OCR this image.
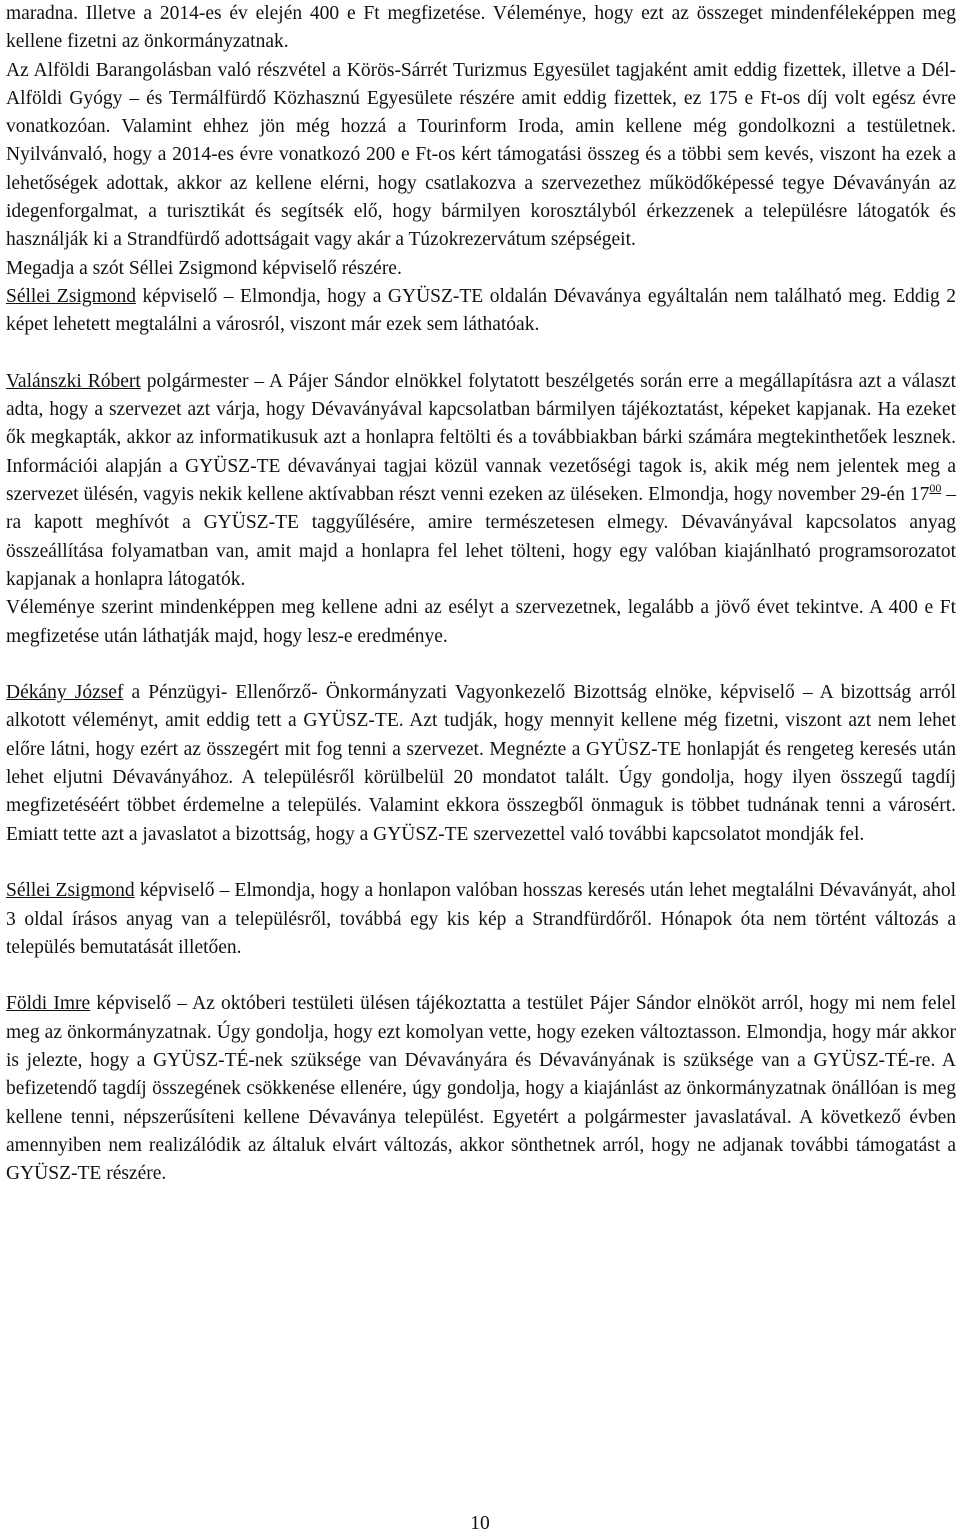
maradna. Illetve a 2014-es év elején 400 e Ft megfizetése. Véleménye, hogy ezt az összeget mindenféleképpen meg kellene fizetni az önkormányzatnak.

Az Alföldi Barangolásban való részvétel a Körös-Sárrét Turizmus Egyesület tagjaként amit eddig fizettek, illetve a Dél-Alföldi Gyógy – és Termálfürdő Közhasznú Egyesülete részére amit eddig fizettek, ez 175 e Ft-os díj volt egész évre vonatkozóan. Valamint ehhez jön még hozzá a Tourinform Iroda, amin kellene még gondolkozni a testületnek. Nyilvánvaló, hogy a 2014-es évre vonatkozó 200 e Ft-os kért támogatási összeg és a többi sem kevés, viszont ha ezek a lehetőségek adottak, akkor az kellene elérni, hogy csatlakozva a szervezethez működőképessé tegye Dévaványán az idegenforgalmat, a turisztikát és segítsék elő, hogy bármilyen korosztályból érkezzenek a településre látogatók és használják ki a Strandfürdő adottságait vagy akár a Túzokrezervátum szépségeit.

Megadja a szót Séllei Zsigmond képviselő részére.

Séllei Zsigmond képviselő – Elmondja, hogy a GYÜSZ-TE oldalán Dévaványa egyáltalán nem található meg. Eddig 2 képet lehetett megtalálni a városról, viszont már ezek sem láthatóak.

Valánszki Róbert polgármester – A Pájer Sándor elnökkel folytatott beszélgetés során erre a megállapításra azt a választ adta, hogy a szervezet azt várja, hogy Dévaványával kapcsolatban bármilyen tájékoztatást, képeket kapjanak. Ha ezeket ők megkapták, akkor az informatikusuk azt a honlapra feltölti és a továbbiakban bárki számára megtekinthetőek lesznek. Információi alapján a GYÜSZ-TE dévaványai tagjai közül vannak vezetőségi tagok is, akik még nem jelentek meg a szervezet ülésén, vagyis nekik kellene aktívabban részt venni ezeken az üléseken. Elmondja, hogy november 29-én $17^{00}$ –ra kapott meghívót a GYÜSZ-TE taggyűlésére, amire természetesen elmegy. Dévaványával kapcsolatos anyag összeállítása folyamatban van, amit majd a honlapra fel lehet tölteni, hogy egy valóban kiajánlható programsorozatot kapjanak a honlapra látogatók.

Véleménye szerint mindenképpen meg kellene adni az esélyt a szervezetnek, legalább a jövő évet tekintve. A 400 e Ft megfizetése után láthatják majd, hogy lesz-e eredménye.

Dékány József a Pénzügyi- Ellenőrző- Önkormányzati Vagyonkezelő Bizottság elnöke, képviselő – A bizottság arról alkotott véleményt, amit eddig tett a GYÜSZ-TE. Azt tudják, hogy mennyit kellene még fizetni, viszont azt nem lehet előre látni, hogy ezért az összegért mit fog tenni a szervezet. Megnézte a GYÜSZ-TE honlapját és rengeteg keresés után lehet eljutni Dévaványához. A településről körülbelül 20 mondatot talált. Úgy gondolja, hogy ilyen összegű tagdíj megfizetéséért többet érdemelne a település. Valamint ekkora összegből önmaguk is többet tudnának tenni a városért. Emiatt tette azt a javaslatot a bizottság, hogy a GYÜSZ-TE szervezettel való további kapcsolatot mondják fel.

Séllei Zsigmond képviselő – Elmondja, hogy a honlapon valóban hosszas keresés után lehet megtalálni Dévaványát, ahol 3 oldal írásos anyag van a településről, továbbá egy kis kép a Strandfürdőről. Hónapok óta nem történt változás a település bemutatását illetően.

Földi Imre képviselő – Az októberi testületi ülésen tájékoztatta a testület Pájer Sándor elnököt arról, hogy mi nem felel meg az önkormányzatnak. Úgy gondolja, hogy ezt komolyan vette, hogy ezeken változtasson. Elmondja, hogy már akkor is jelezte, hogy a GYÜSZ-TÉ-nek szüksége van Dévaványára és Dévaványának is szüksége van a GYÜSZ-TÉ-re. A befizetendő tagdíj összegének csökkenése ellenére, úgy gondolja, hogy a kiajánlást az önkormányzatnak önállóan is meg kellene tenni, népszerűsíteni kellene Dévaványa települést. Egyetért a polgármester javaslatával. A következő évben amennyiben nem realizálódik az általuk elvárt változás, akkor sönthetnek arról, hogy ne adjanak további támogatást a GYÜSZ-TE részére.

10
